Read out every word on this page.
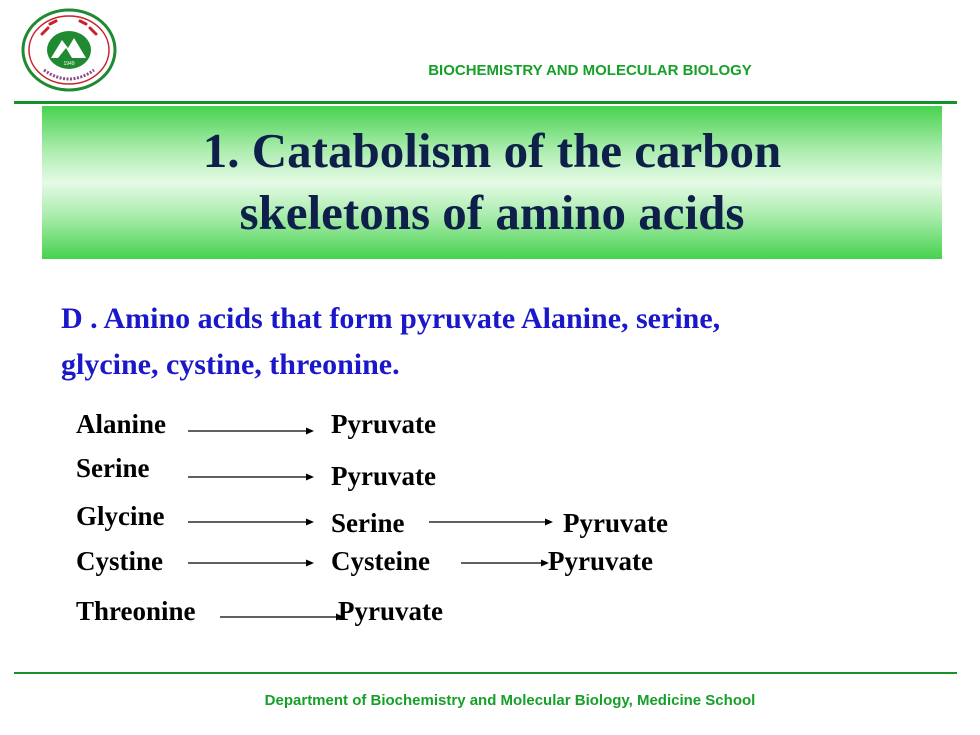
1949	BIOCHEMISTRY AND MOLECULAR BIOLOGY
1. Catabolism of the carbon
skeletons of amino acids
D . Amino acids that form pyruvate Alanine, serine,
glycine, cystine, threonine.
Alanine	Pyruvate
Serine	Pyruvate
Glycine	Serine	Pyruvate
Cystine	Cysteine	Pyruvate
Threonine	Pyruvate
Department of Biochemistry and Molecular Biology, Medicine School
